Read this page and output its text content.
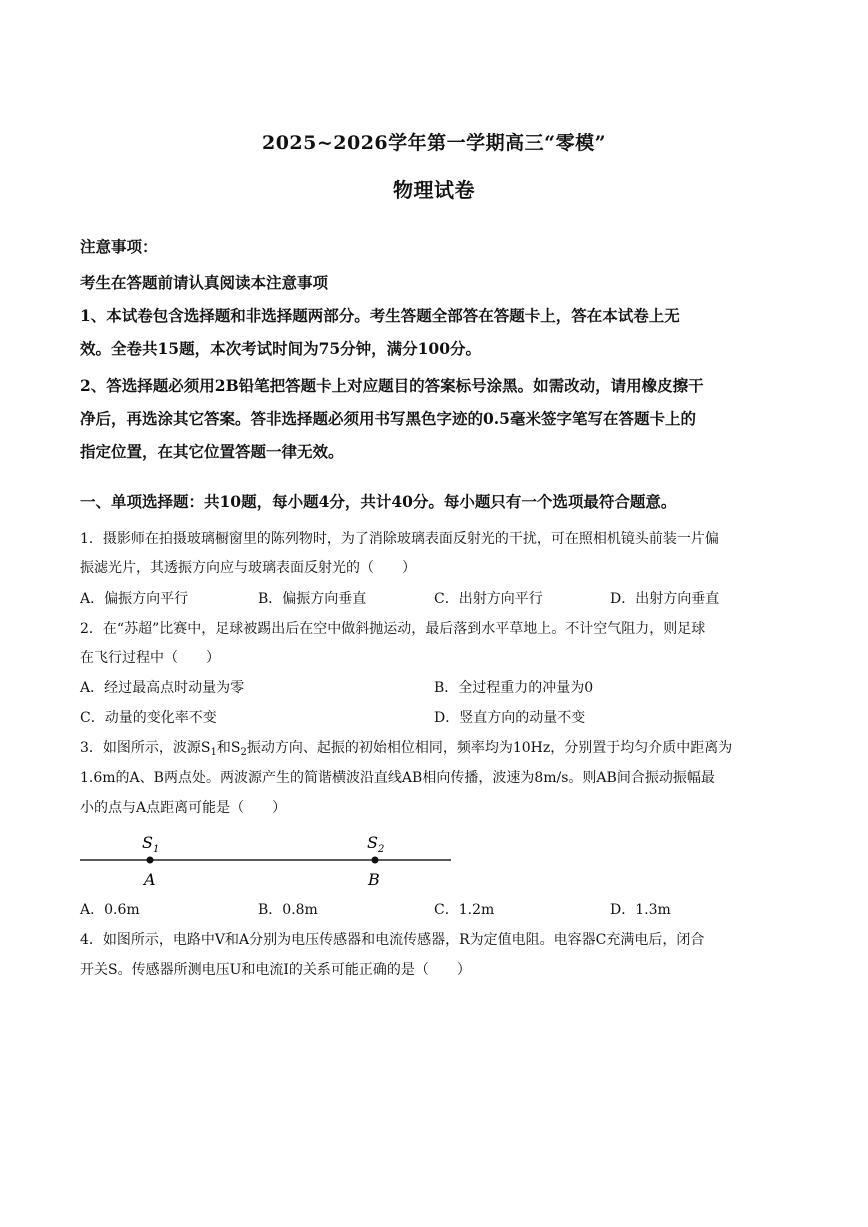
2025~2026学年第一学期高三“零模”
物理试卷
注意事项：
考生在答题前请认真阅读本注意事项
1、本试卷包含选择题和非选择题两部分。考生答题全部答在答题卡上，答在本试卷上无
效。全卷共15题，本次考试时间为75分钟，满分100分。
2、答选择题必须用2B铅笔把答题卡上对应题目的答案标号涂黑。如需改动，请用橡皮擦干
净后，再选涂其它答案。答非选择题必须用书写黑色字迹的0.5毫米签字笔写在答题卡上的
指定位置，在其它位置答题一律无效。
一、单项选择题：共10题，每小题4分，共计40分。每小题只有一个选项最符合题意。
1．摄影师在拍摄玻璃橱窗里的陈列物时，为了消除玻璃表面反射光的干扰，可在照相机镜头前装一片偏
振滤光片，其透振方向应与玻璃表面反射光的（　　）
A．偏振方向平行	B．偏振方向垂直	C．出射方向平行	D．出射方向垂直
2．在“苏超”比赛中，足球被踢出后在空中做斜抛运动，最后落到水平草地上。不计空气阻力，则足球
在飞行过程中（　　）
A．经过最高点时动量为零	B．全过程重力的冲量为0
C．动量的变化率不变	D．竖直方向的动量不变
3．如图所示，波源$S_1$和$S_2$振动方向、起振的初始相位相同，频率均为10Hz，分别置于均匀介质中距离为
1.6m的A、B两点处。两波源产生的简谐横波沿直线AB相向传播，波速为8m/s。则AB间合振动振幅最
小的点与A点距离可能是（　　）
$S_1$	$S_2$
A	B
A．0.6m	B．0.8m	C．1.2m	D．1.3m
4．如图所示，电路中V和A分别为电压传感器和电流传感器，R为定值电阻。电容器C充满电后，闭合
开关S。传感器所测电压U和电流I的关系可能正确的是（　　）
